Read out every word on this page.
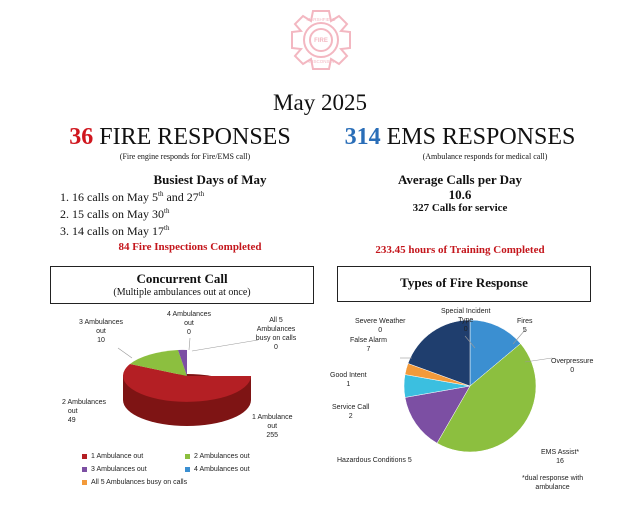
MARSHFIELD
WISCONSIN
FIRE
May 2025
36 FIRE RESPONSES
(Fire engine responds for Fire/EMS call)
314 EMS RESPONSES
(Ambulance responds for medical call)
Busiest Days of May
1. 16 calls on May 5th and 27th
2. 15 calls on May 30th
3. 14 calls on May 17th
Average Calls per Day
10.6
327 Calls for service
84 Fire Inspections Completed	233.45 hours of Training Completed
Concurrent Call
(Multiple ambulances out at once)
Types of Fire Response
1 Ambulance
out
255
2 Ambulances
out
49
3 Ambulances
out
10
4 Ambulances
out
0
All 5
Ambulances
busy on calls
0
1 Ambulance out	2 Ambulances out
3 Ambulances out	4 Ambulances out
All 5 Ambulances busy on calls
Fires
5
Overpressure
0
EMS Assist*
16
Hazardous Conditions 5
Service Call
2
Good Intent
1
False Alarm
7
Severe Weather
0
Special Incident
Type
0
*dual response with
ambulance
